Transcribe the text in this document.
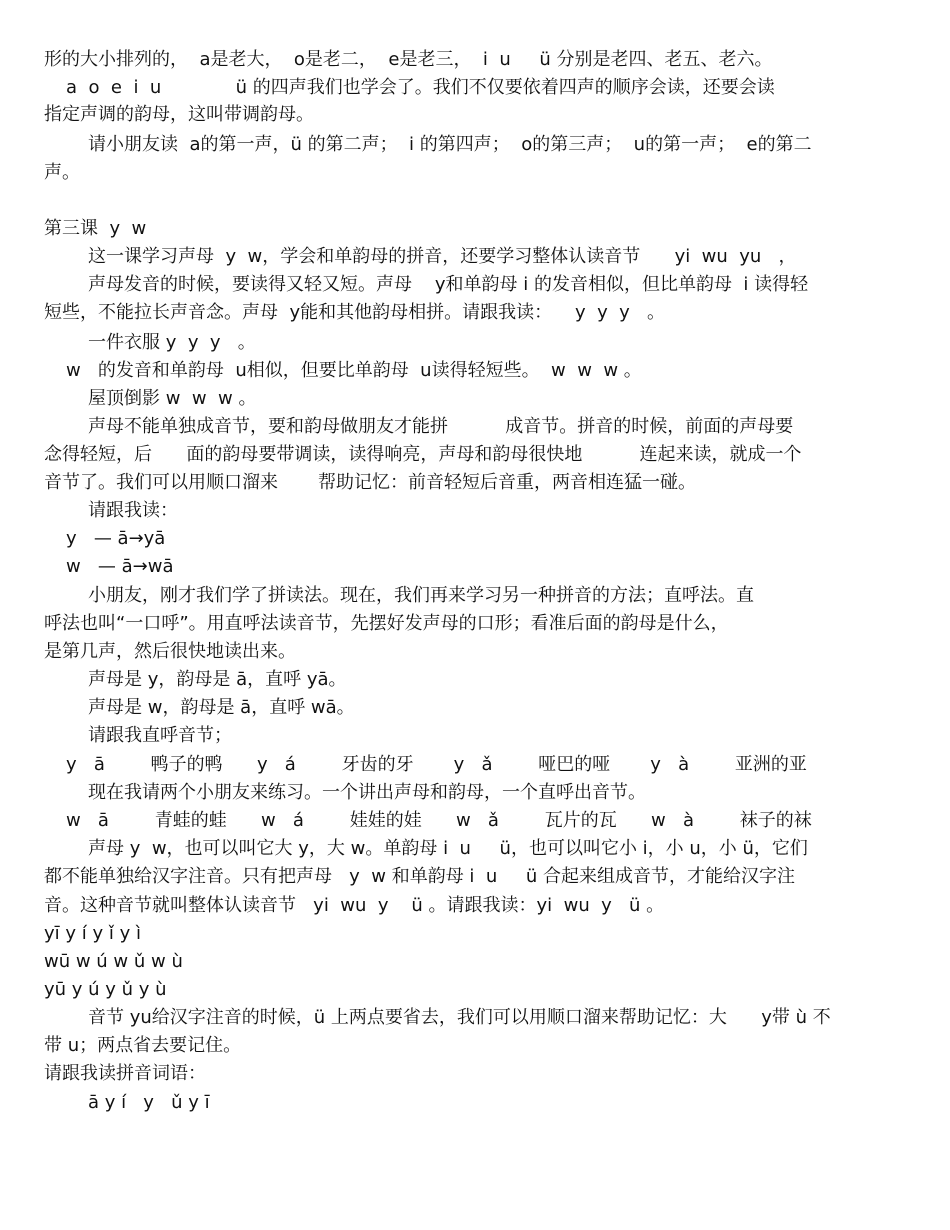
形的大小排列的，  a是老大，  o是老二，  e是老三，  i  u     ü 分别是老四、老五、老六。
a  o  e  i  u             ü 的四声我们也学会了。我们不仅要依着四声的顺序会读，还要会读
指定声调的韵母，这叫带调韵母。
请小朋友读  a的第一声，ü 的第二声；  i 的第四声；  o的第三声；  u的第一声；  e的第二
声。
第三课  y  w
这一课学习声母  y  w，学会和单韵母的拼音，还要学习整体认读音节      yi  wu  yu   ，
声母发音的时候，要读得又轻又短。声母    y和单韵母 i 的发音相似，但比单韵母  i 读得轻
短些，不能拉长声音念。声母  y能和其他韵母相拼。请跟我读：    y  y  y   。
一件衣服 y  y  y   。
w   的发音和单韵母  u相似，但要比单韵母  u读得轻短些。  w  w  w 。
屋顶倒影 w  w  w 。
声母不能单独成音节，要和韵母做朋友才能拼          成音节。拼音的时候，前面的声母要
念得轻短，后      面的韵母要带调读，读得响亮，声母和韵母很快地          连起来读，就成一个
音节了。我们可以用顺口溜来       帮助记忆：前音轻短后音重，两音相连猛一碰。
请跟我读：
y   — ā→yā
w   — ā→wā
小朋友，刚才我们学了拼读法。现在，我们再来学习另一种拼音的方法；直呼法。直
呼法也叫“一口呼”。用直呼法读音节，先摆好发声母的口形；看准后面的韵母是什么，
是第几声，然后很快地读出来。
声母是 y，韵母是 ā，直呼 yā。
声母是 w，韵母是 ā，直呼 wā。
请跟我直呼音节；
y   ā        鸭子的鸭      y   á        牙齿的牙       y   ǎ        哑巴的哑       y   à        亚洲的亚
现在我请两个小朋友来练习。一个讲出声母和韵母，一个直呼出音节。
w   ā        青蛙的蛙      w   á        娃娃的娃      w   ǎ        瓦片的瓦      w   à        袜子的袜
声母 y  w，也可以叫它大 y，大 w。单韵母 i  u     ü，也可以叫它小 i，小 u，小 ü，它们
都不能单独给汉字注音。只有把声母   y  w 和单韵母 i  u     ü 合起来组成音节，才能给汉字注
音。这种音节就叫整体认读音节   yi  wu  y    ü 。请跟我读：yi  wu  y   ü 。
yī y í y ǐ y ì
wū w ú w ǔ w ù
yū y ú y ǔ y ù
音节 yu给汉字注音的时候，ü 上两点要省去，我们可以用顺口溜来帮助记忆：大      y带 ù 不
带 u；两点省去要记住。
请跟我读拼音词语：
ā y í   y   ǔ y ī
